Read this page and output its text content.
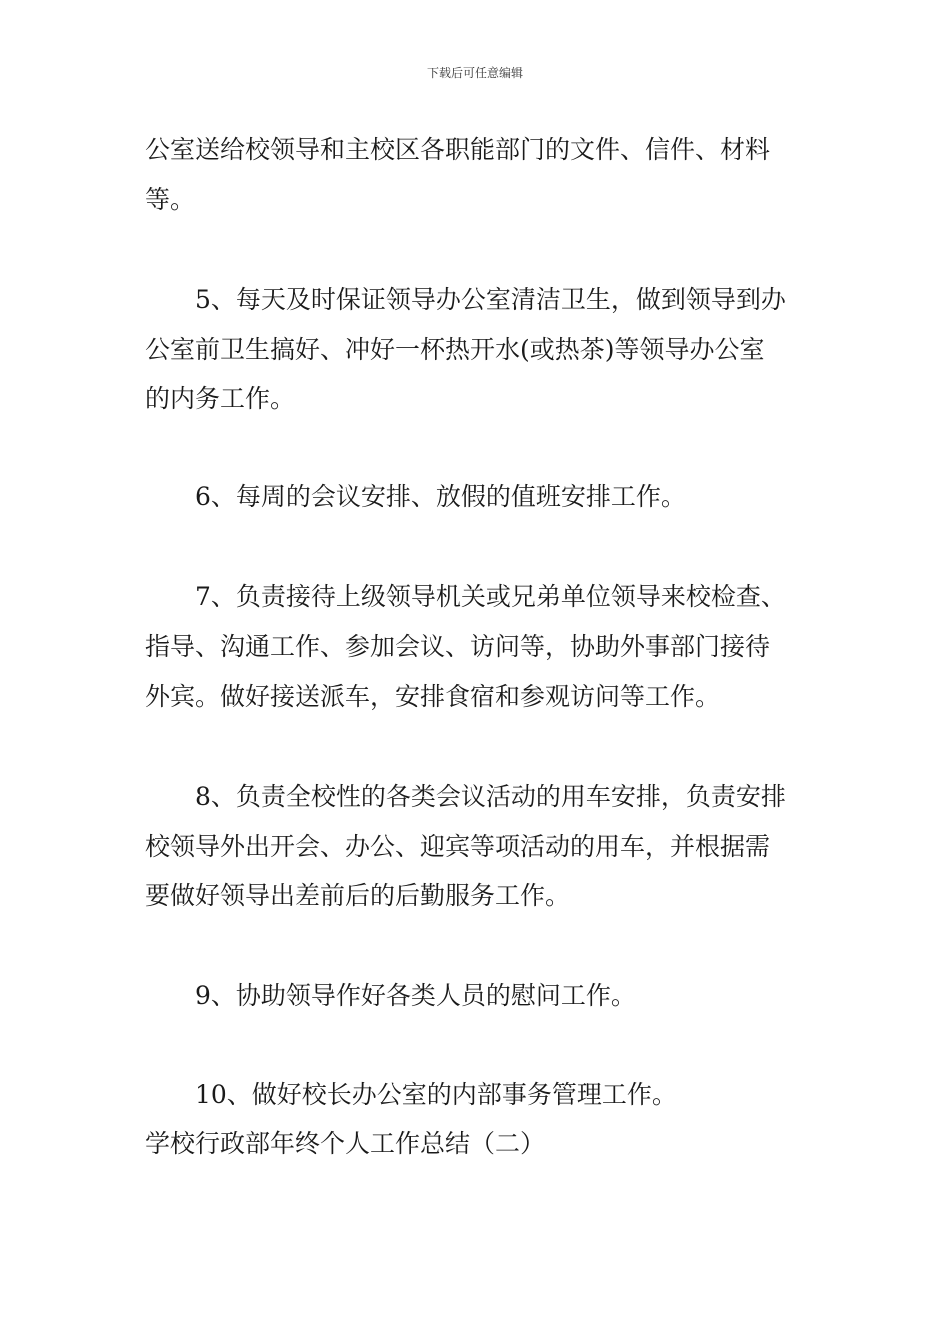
下载后可任意编辑
公室送给校领导和主校区各职能部门的文件、信件、材料
等。
5、每天及时保证领导办公室清洁卫生，做到领导到办
公室前卫生搞好、冲好一杯热开水(或热茶)等领导办公室
的内务工作。
6、每周的会议安排、放假的值班安排工作。
7、负责接待上级领导机关或兄弟单位领导来校检查、
指导、沟通工作、参加会议、访问等，协助外事部门接待
外宾。做好接送派车，安排食宿和参观访问等工作。
8、负责全校性的各类会议活动的用车安排，负责安排
校领导外出开会、办公、迎宾等项活动的用车，并根据需
要做好领导出差前后的后勤服务工作。
9、协助领导作好各类人员的慰问工作。
10、做好校长办公室的内部事务管理工作。
学校行政部年终个人工作总结（二）
